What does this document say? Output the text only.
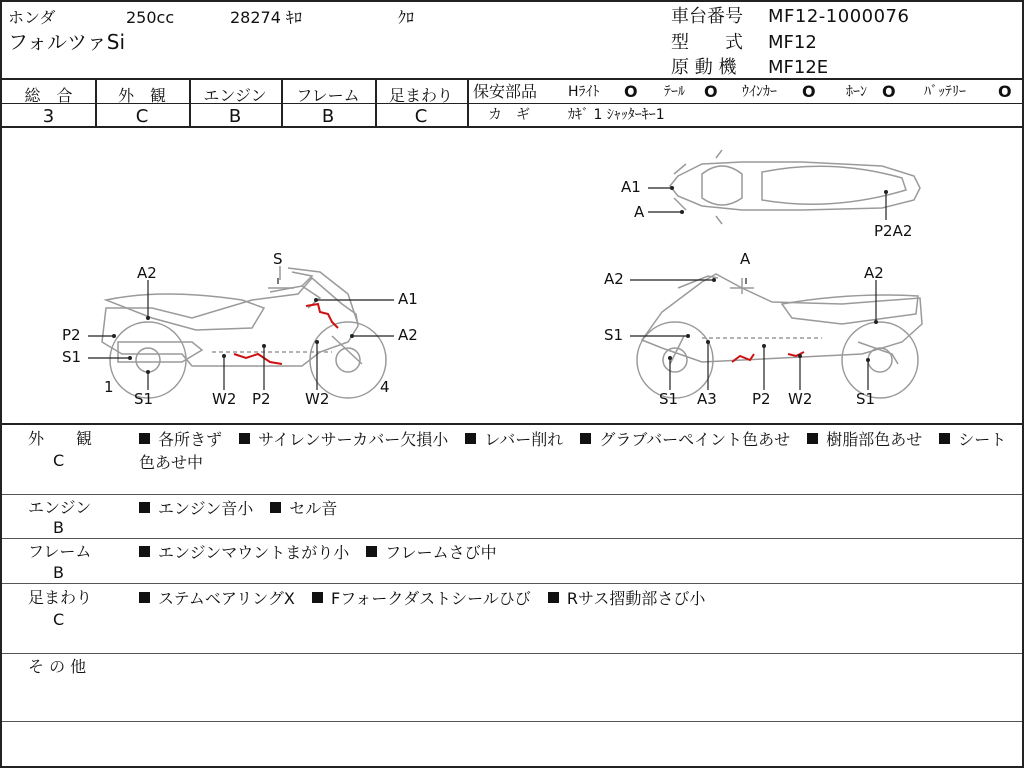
ホンダ	250cc	28274 ｷﾛ	ｸﾛ
フォルツァSi
車台番号 MF12-1000076
型　　式 MF12
原 動 機 MF12E
総　合
3
外　観
C
エンジン
B
フレーム
B
足まわり
C
保安部品 Hﾗｲﾄ O ﾃｰﾙ O ｳｲﾝｶｰ O ﾎｰﾝ O ﾊﾞｯﾃﾘｰ O
カ　ギ	ｶｷﾞ 1 ｼｬｯﾀｰｷｰ1
A2
S
A1
A2
P2
S1
1
S1	W2 P2 W2
4
A2
A
A2
S1
S1 A3 P2 W2	S1
A1
A
P2A2
外　　観
C
各所きず サイレンサーカバー欠損小 レバー削れ グラブバーペイント色あせ 樹脂部色あせ シート色あせ中
エンジン
B
エンジン音小 セル音
フレーム
B
エンジンマウントまがり小 フレームさび中
足まわり
C
ステムベアリングX Fフォークダストシールひび Rサス摺動部さび小
そ の 他
